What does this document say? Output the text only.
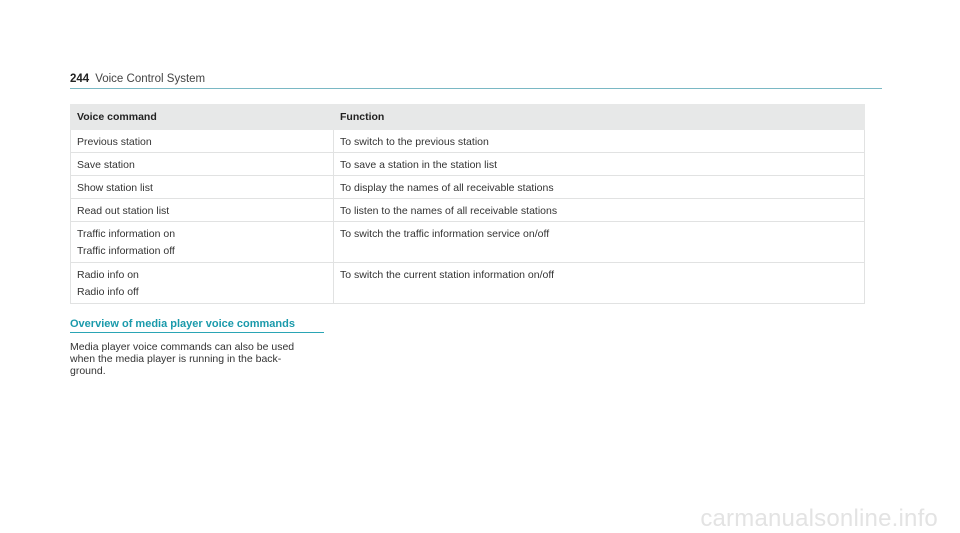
244 Voice Control System
Voice command	Function

Previous station	To switch to the previous station

Save station	To save a station in the station list

Show station list	To display the names of all receivable stations

Read out station list	To listen to the names of all receivable stations

Traffic information on
Traffic information off	To switch the traffic information service on/off

Radio info on
Radio info off	To switch the current station information on/off
Overview of media player voice commands
Media player voice commands can also be used
when the media player is running in the back-
ground.
carmanualsonline.info
